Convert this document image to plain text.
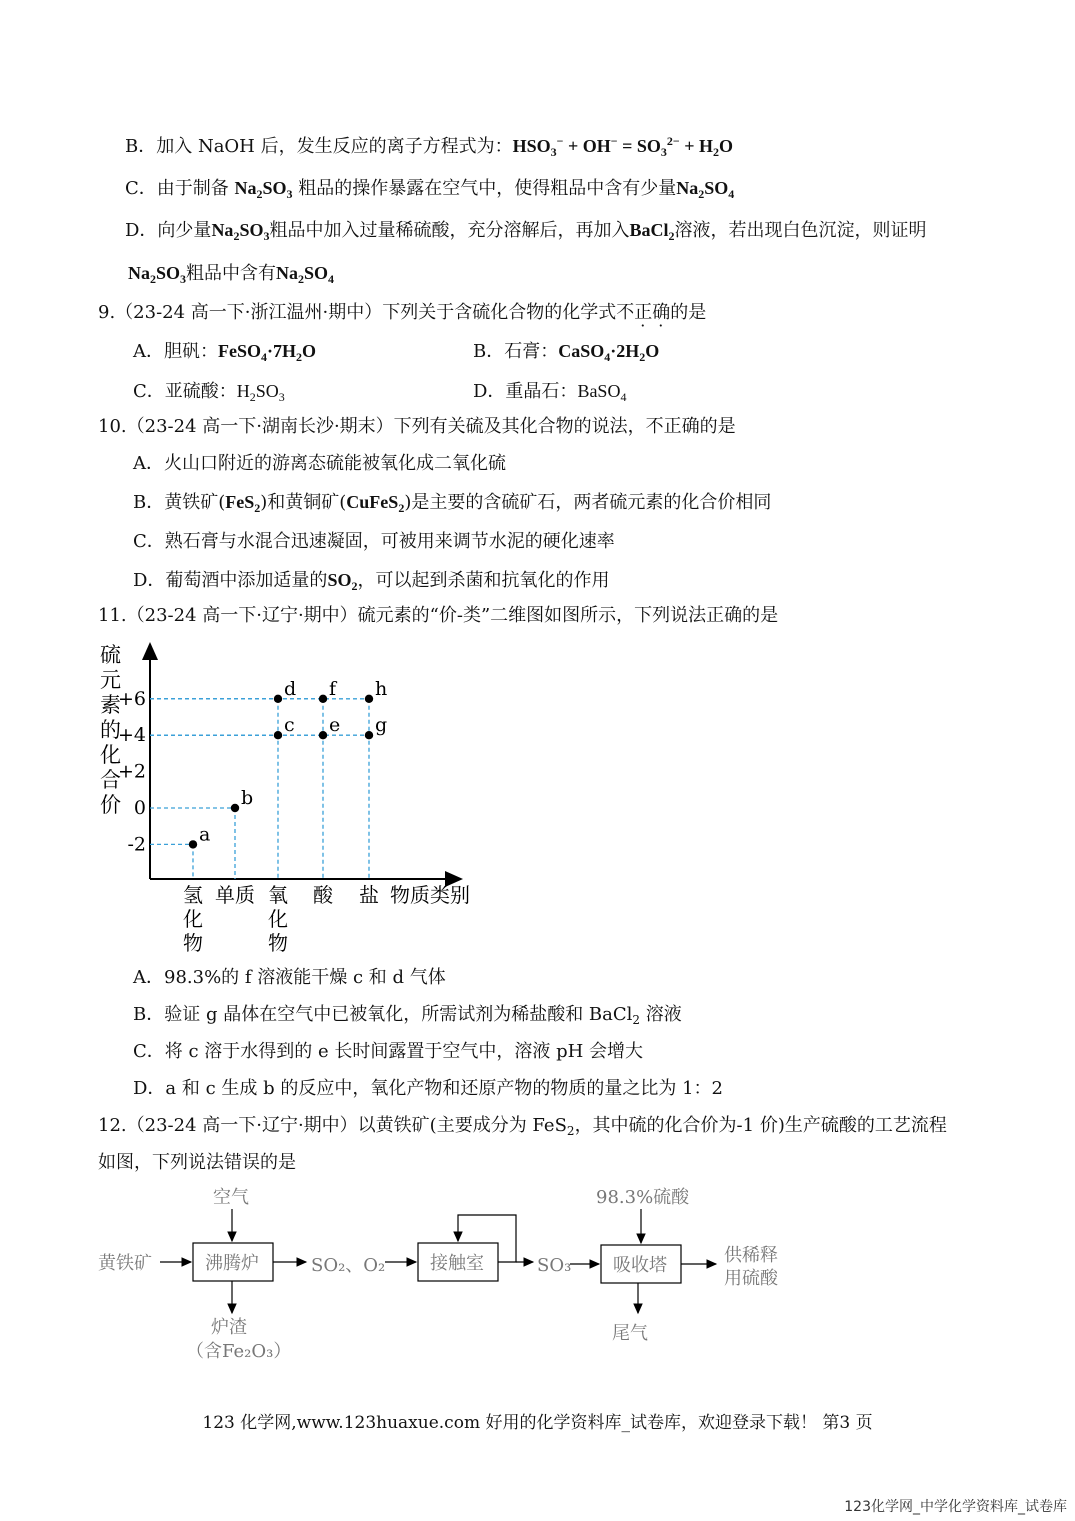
B．加入 NaOH 后，发生反应的离子方程式为：$HSO_3^- + OH^- = SO_3^{2-} + H_2O$
C．由于制备 $Na_2SO_3$ 粗品的操作暴露在空气中，使得粗品中含有少量$Na_2SO_4$
D．向少量$Na_2SO_3$粗品中加入过量稀硫酸，充分溶解后，再加入BaCl$_2$溶液，若出现白色沉淀，则证明
$Na_2SO_3$粗品中含有$Na_2SO_4$
9.（23-24 高一下·浙江温州·期中）下列关于含硫化合物的化学式不正确的是
A．胆矾：$FeSO_4\cdot 7H_2O$	B．石膏：$CaSO_4\cdot 2H_2O$
C．亚硫酸：$H_2SO_3$	D．重晶石：BaSO$_4$
10.（23-24 高一下·湖南长沙·期末）下列有关硫及其化合物的说法，不正确的是
A．火山口附近的游离态硫能被氧化成二氧化硫
B．黄铁矿(FeS$_2$)和黄铜矿(CuFeS$_2$)是主要的含硫矿石，两者硫元素的化合价相同
C．熟石膏与水混合迅速凝固，可被用来调节水泥的硬化速率
D．葡萄酒中添加适量的$SO_2$，可以起到杀菌和抗氧化的作用
11.（23-24 高一下·辽宁·期中）硫元素的“价-类”二维图如图所示，下列说法正确的是
硫
元
素
的
化
合
价
+6
+4
+2
0
-2	a
b
c
d
e
f
g
h
氢
化
物
单质 氧
化
物
酸 盐 物质类别
A．98.3%的 f 溶液能干燥 c 和 d 气体
B．验证 g 晶体在空气中已被氧化，所需试剂为稀盐酸和 BaCl$_2$ 溶液
C．将 c 溶于水得到的 e 长时间露置于空气中，溶液 pH 会增大
D．a 和 c 生成 b 的反应中，氧化产物和还原产物的物质的量之比为 1：2
12.（23-24 高一下·辽宁·期中）以黄铁矿(主要成分为 FeS$_2$，其中硫的化合价为-1 价)生产硫酸的工艺流程
如图，下列说法错误的是
空气
黄铁矿	SO₂、O₂	SO₃
98.3%硫酸
供稀释
用硫酸
炉渣
（含Fe₂O₃）
尾气
沸腾炉	接触室	吸收塔
123 化学网,www.123huaxue.com 好用的化学资料库_试卷库，欢迎登录下载！ 第3 页
123化学网_中学化学资料库_试卷库
